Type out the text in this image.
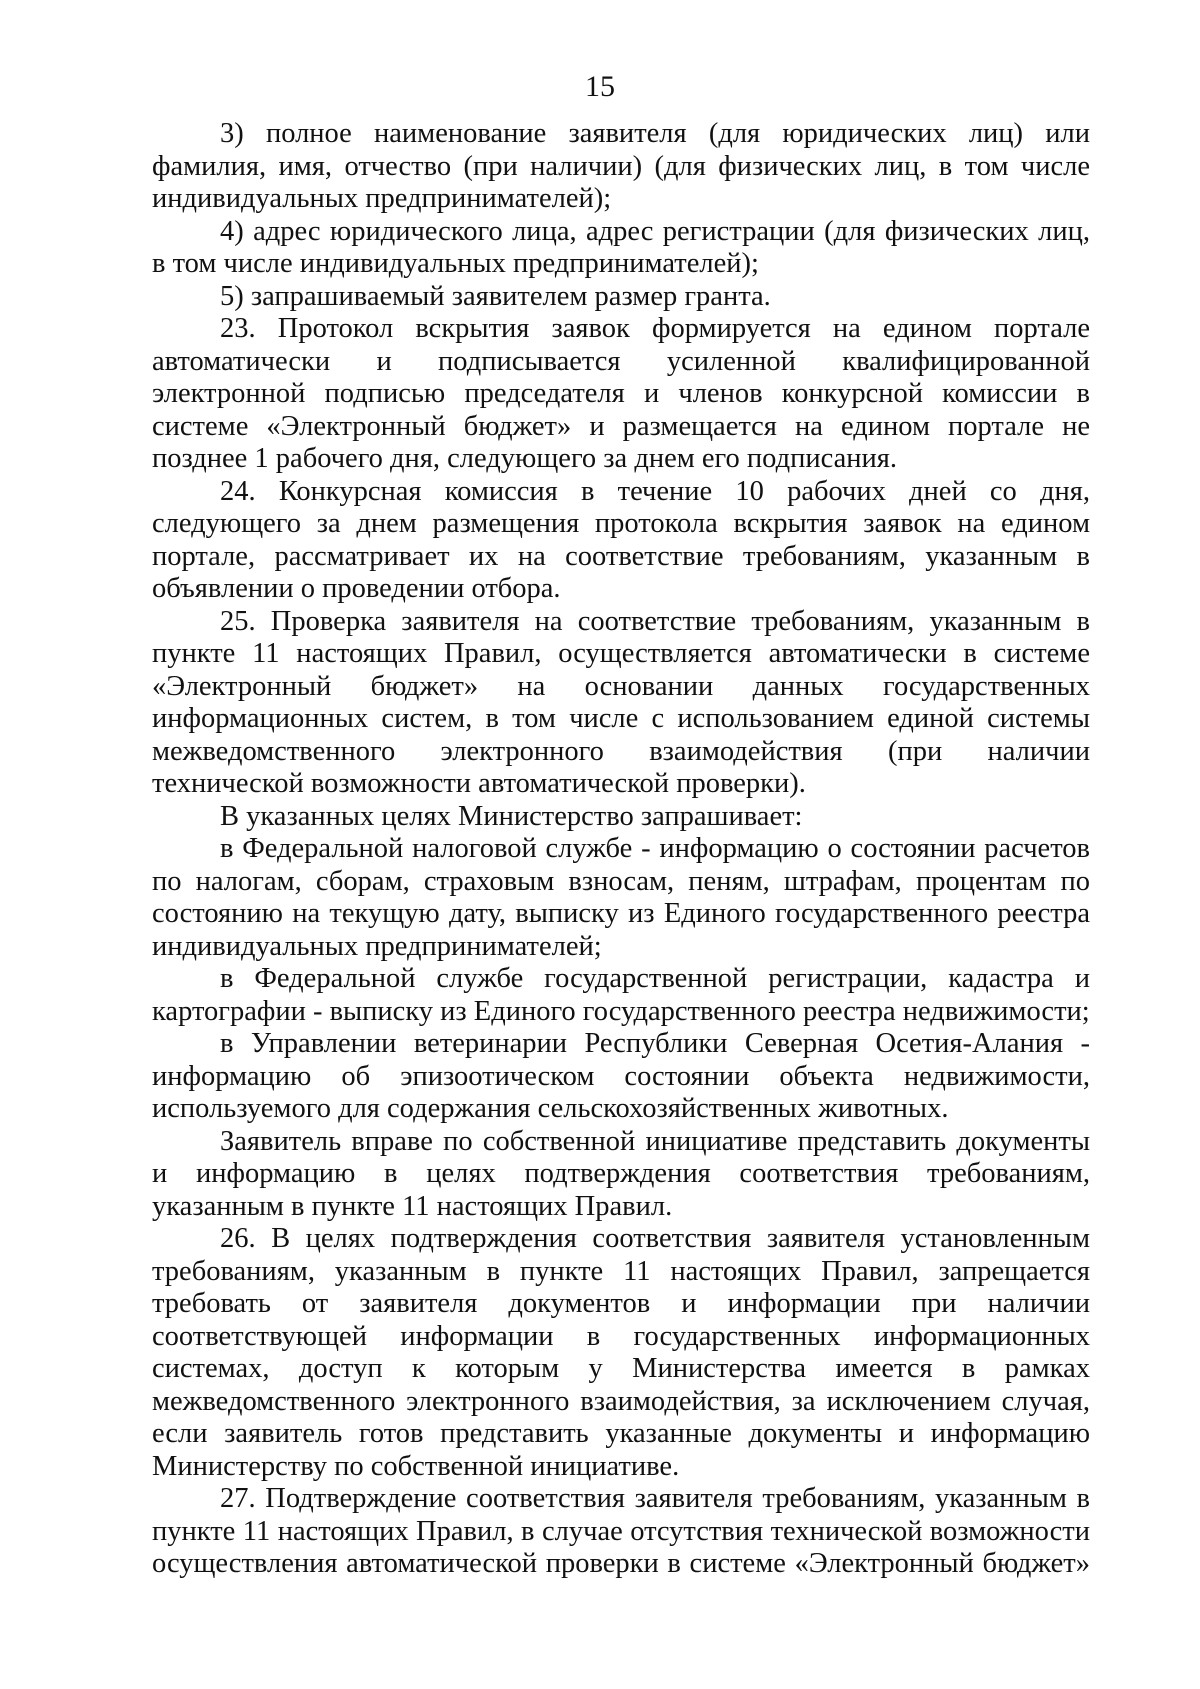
15

3) полное наименование заявителя (для юридических лиц) или фамилия, имя, отчество (при наличии) (для физических лиц, в том числе индивидуальных предпринимателей);

4) адрес юридического лица, адрес регистрации (для физических лиц, в том числе индивидуальных предпринимателей);

5) запрашиваемый заявителем размер гранта.

23. Протокол вскрытия заявок формируется на едином портале автоматически и подписывается усиленной квалифицированной электронной подписью председателя и членов конкурсной комиссии в системе «Электронный бюджет» и размещается на едином портале не позднее 1 рабочего дня, следующего за днем его подписания.

24. Конкурсная комиссия в течение 10 рабочих дней со дня, следующего за днем размещения протокола вскрытия заявок на едином портале, рассматривает их на соответствие требованиям, указанным в объявлении о проведении отбора.

25. Проверка заявителя на соответствие требованиям, указанным в пункте 11 настоящих Правил, осуществляется автоматически в системе «Электронный бюджет» на основании данных государственных информационных систем, в том числе с использованием единой системы межведомственного электронного взаимодействия (при наличии технической возможности автоматической проверки).

В указанных целях Министерство запрашивает:

в Федеральной налоговой службе - информацию о состоянии расчетов по налогам, сборам, страховым взносам, пеням, штрафам, процентам по состоянию на текущую дату, выписку из Единого государственного реестра индивидуальных предпринимателей;

в Федеральной службе государственной регистрации, кадастра и картографии - выписку из Единого государственного реестра недвижимости;

в Управлении ветеринарии Республики Северная Осетия-Алания - информацию об эпизоотическом состоянии объекта недвижимости, используемого для содержания сельскохозяйственных животных.

Заявитель вправе по собственной инициативе представить документы и информацию в целях подтверждения соответствия требованиям, указанным в пункте 11 настоящих Правил.

26. В целях подтверждения соответствия заявителя установленным требованиям, указанным в пункте 11 настоящих Правил, запрещается требовать от заявителя документов и информации при наличии соответствующей информации в государственных информационных системах, доступ к которым у Министерства имеется в рамках межведомственного электронного взаимодействия, за исключением случая, если заявитель готов представить указанные документы и информацию Министерству по собственной инициативе.

27. Подтверждение соответствия заявителя требованиям, указанным в пункте 11 настоящих Правил, в случае отсутствия технической возможности осуществления автоматической проверки в системе «Электронный бюджет»
